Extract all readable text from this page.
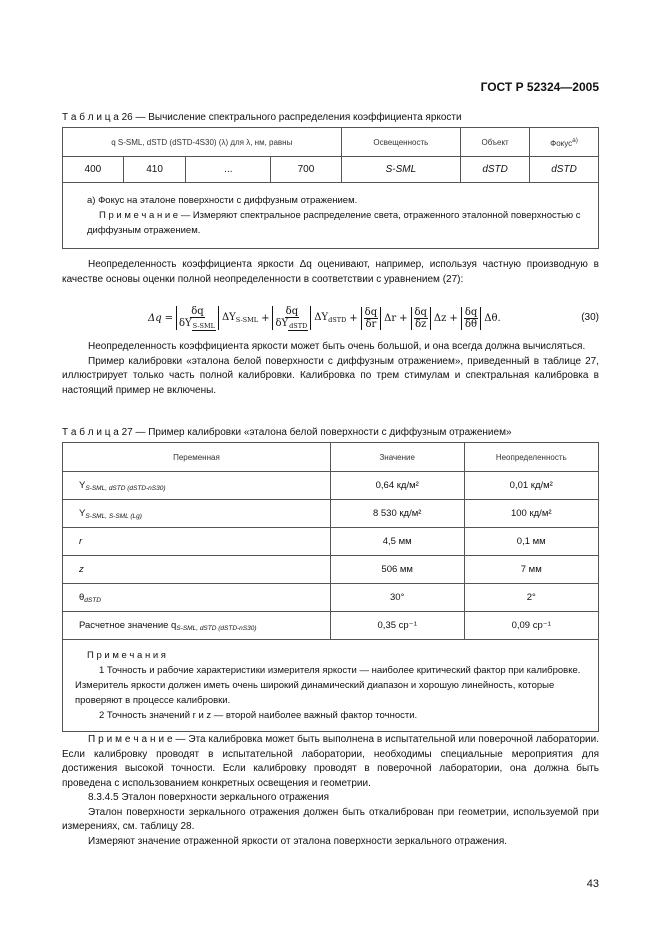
ГОСТ Р 52324—2005
Т а б л и ц а 26 — Вычисление спектрального распределения коэффициента яркости
q S-SML, dSTD (dSTD-4S30) (λ) для λ, нм, равны				Освещенность	Объект	Фокус$^{a)}$
400	410	...	700	S-SML	dSTD	dSTD

a) Фокус на эталоне поверхности с диффузным отражением.
П р и м е ч а н и е — Измеряют спектральное распределение света, отраженного эталонной поверхностью с диффузным отражением.						

Неопределенность коэффициента яркости Δq оценивают, например, используя частную производную в качестве основы оценки полной неопределенности в соответствии с уравнением (27):

$\Delta q = \frac{\delta q}{\delta Y_{S-SML}} \Delta Y_{S-SML} + \frac{\delta q}{\delta Y_{dSTD}} \Delta Y_{dSTD} + \frac{\delta q}{\delta r}$ $\Delta r + \frac{\delta q}{\delta z}$ $\Delta z + \frac{\delta q}{\delta\theta} \Delta\theta$.	(30)

Неопределенность коэффициента яркости может быть очень большой, и она всегда должна вычисляться.

Пример калибровки «эталона белой поверхности с диффузным отражением», приведенный в таблице 27, иллюстрирует только часть полной калибровки. Калибровка по трем стимулам и спектральная калибровка в настоящий пример не включены.

Т а б л и ц а 27 — Пример калибровки «эталона белой поверхности с диффузным отражением»
Переменная	Значение	Неопределенность
$Y_{S-SML, dSTD (dSTD-nS30)}$	0,64 кд/м²	0,01 кд/м²
$Y_{S-SML, S-SML (Lg)}$	8 530 кд/м²	100 кд/м²
r	4,5 мм	0,1 мм
z	506 мм	7 мм
$\theta_{dSTD}$	30°	2°
Расчетное значение $q_{S-SML, dSTD (dSTD-nS30)}$	0,35 ср⁻¹	0,09 ср⁻¹

П р и м е ч а н и я
1 Точность и рабочие характеристики измерителя яркости — наиболее критический фактор при калибровке. Измеритель яркости должен иметь очень широкий динамический диапазон и хорошую линейность, которые проверяют в процессе калибровки.
2 Точность значений r и z — второй наиболее важный фактор точности.		

П р и м е ч а н и е — Эта калибровка может быть выполнена в испытательной или поверочной лаборатории. Если калибровку проводят в испытательной лаборатории, необходимы специальные мероприятия для достижения высокой точности. Если калибровку проводят в поверочной лаборатории, она должна быть проведена с использованием конкретных освещения и геометрии.

8.3.4.5 Эталон поверхности зеркального отражения

Эталон поверхности зеркального отражения должен быть откалиброван при геометрии, используемой при измерениях, см. таблицу 28.

Измеряют значение отраженной яркости от эталона поверхности зеркального отражения.

43
